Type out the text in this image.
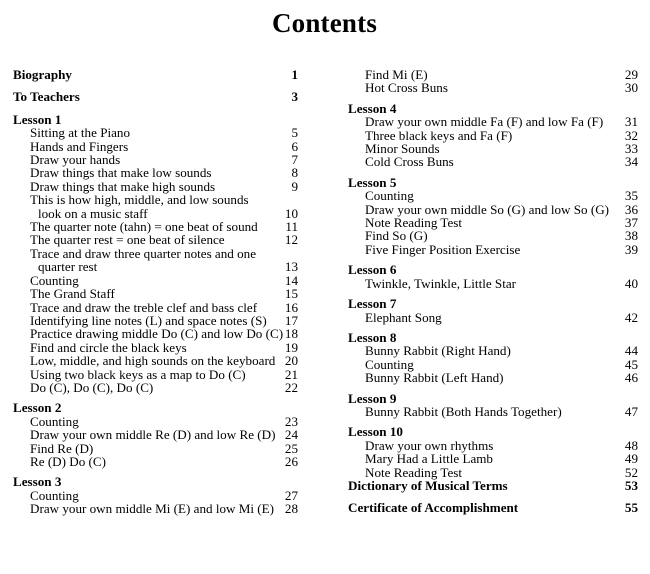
Contents
Biography	1
To Teachers	3
Lesson 1
Sitting at the Piano	5
Hands and Fingers	6
Draw your hands	7
Draw things that make low sounds	8
Draw things that make high sounds	9
This is how high, middle, and low sounds
look on a music staff	10
The quarter note (tahn) = one beat of sound	11
The quarter rest = one beat of silence	12
Trace and draw three quarter notes and one
quarter rest	13
Counting	14
The Grand Staff	15
Trace and draw the treble clef and bass clef	16
Identifying line notes (L) and space notes (S)	17
Practice drawing middle Do (C) and low Do (C) 18
Find and circle the black keys	19
Low, middle, and high sounds on the keyboard 20
Using two black keys as a map to Do (C)	21
Do (C), Do (C), Do (C)	22
Lesson 2
Counting	23
Draw your own middle Re (D) and low Re (D) 24
Find Re (D)	25
Re (D) Do (C)	26
Lesson 3
Counting	27
Draw your own middle Mi (E) and low Mi (E) 28
Find Mi (E)	29
Hot Cross Buns	30
Lesson 4
Draw your own middle Fa (F) and low Fa (F)	31
Three black keys and Fa (F)	32
Minor Sounds	33
Cold Cross Buns	34
Lesson 5
Counting	35
Draw your own middle So (G) and low So (G)	36
Note Reading Test	37
Find So (G)	38
Five Finger Position Exercise	39
Lesson 6
Twinkle, Twinkle, Little Star	40
Lesson 7
Elephant Song	42
Lesson 8
Bunny Rabbit (Right Hand)	44
Counting	45
Bunny Rabbit (Left Hand)	46
Lesson 9
Bunny Rabbit (Both Hands Together)	47
Lesson 10
Draw your own rhythms	48
Mary Had a Little Lamb	49
Note Reading Test	52
Dictionary of Musical Terms	53
Certificate of Accomplishment	55
